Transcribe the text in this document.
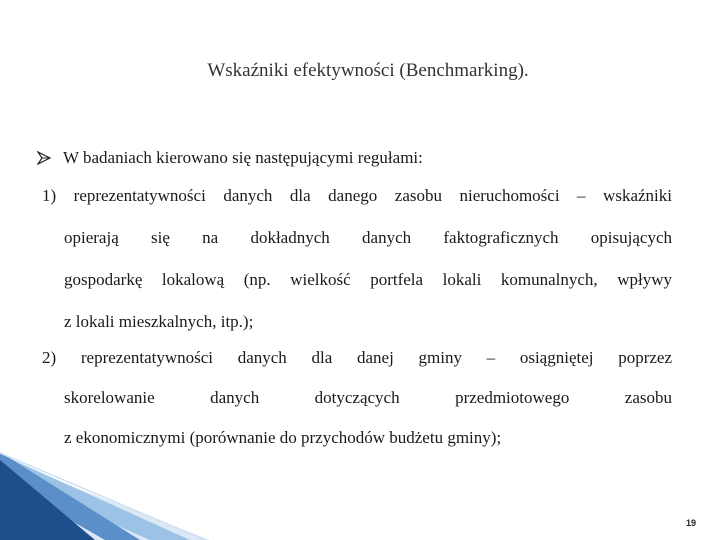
Wskaźniki efektywności (Benchmarking).
W badaniach kierowano się następującymi regułami:
1) reprezentatywności danych dla danego zasobu nieruchomości – wskaźniki
opierają się na dokładnych danych faktograficznych opisujących
gospodarkę lokalową (np. wielkość portfela lokali komunalnych, wpływy
z lokali mieszkalnych, itp.);
2) reprezentatywności danych dla danej gminy – osiągniętej poprzez
skorelowanie danych dotyczących przedmiotowego zasobu
z ekonomicznymi (porównanie do przychodów budżetu gminy);
19
